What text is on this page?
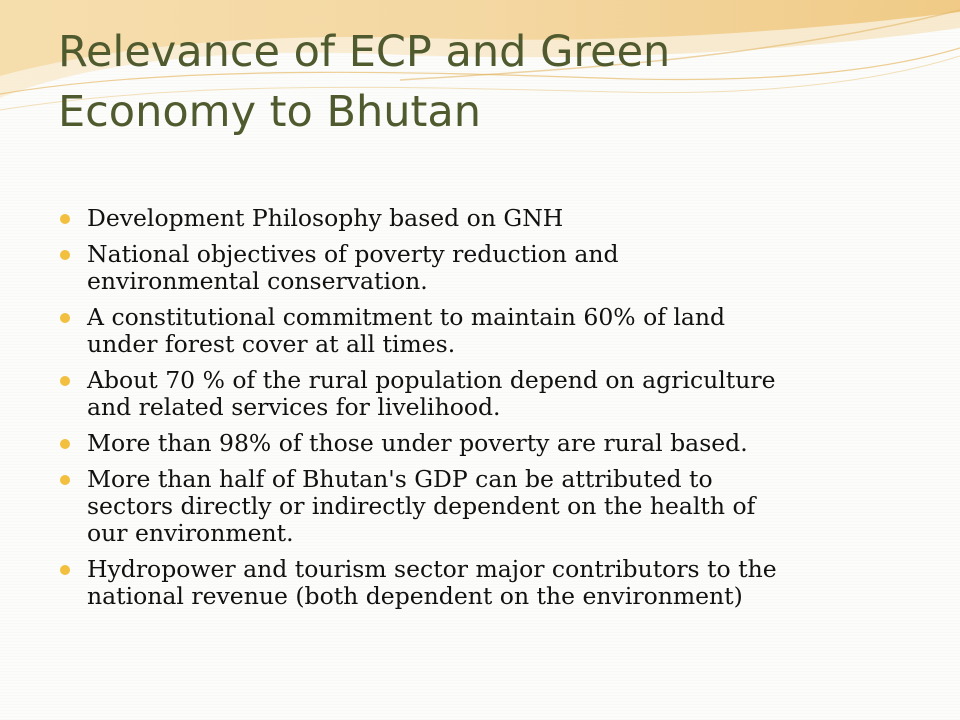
Relevance of ECP and Green
Economy to Bhutan
Development Philosophy based on GNH
National objectives of poverty reduction and
environmental conservation.
A constitutional commitment to maintain 60% of land
under forest cover at all times.
About 70 % of the rural population depend on agriculture
and related services for livelihood.
More than 98% of those under poverty are rural based.
More than half of Bhutan's GDP can be attributed to
sectors directly or indirectly dependent on the health of
our environment.
Hydropower and tourism sector major contributors to the
national revenue (both dependent on the environment)
